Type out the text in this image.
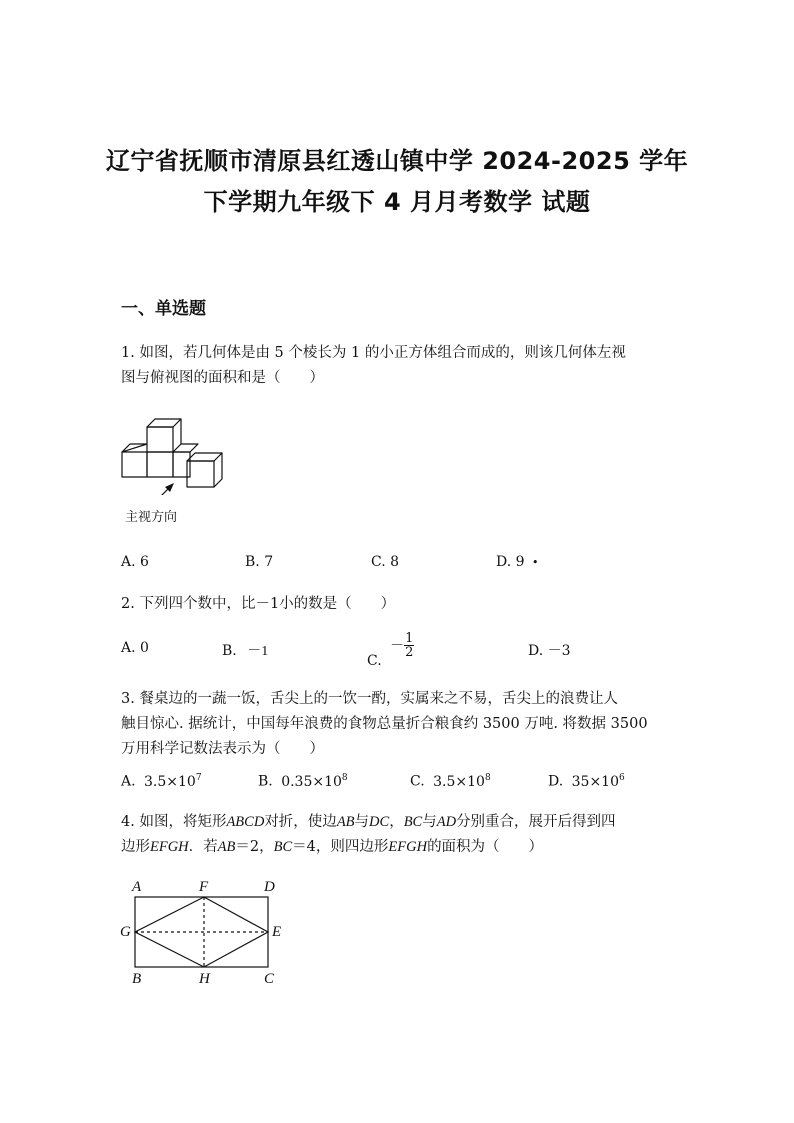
辽宁省抚顺市清原县红透山镇中学 2024-2025 学年
下学期九年级下 4 月月考数学 试题
一、单选题
1. 如图，若几何体是由 5 个棱长为 1 的小正方体组合而成的，则该几何体左视
图与俯视图的面积和是（　　）
主视方向
A. 6	B. 7	C. 8	D. 9 •
2. 下列四个数中，比－1小的数是（　　）
A. 0	B. －1
C. － $\frac{1}{2}$	D. －3
3. 餐桌边的一蔬一饭，舌尖上的一饮一酌，实属来之不易，舌尖上的浪费让人
触目惊心. 据统计，中国每年浪费的食物总量折合粮食约 3500 万吨. 将数据 3500
万用科学记数法表示为（　　）
A. $3.5\times 10^7$	B. $0.35\times 10^8$	C. $3.5\times 10^8$	D. $35\times 10^6$
4. 如图，将矩形ABCD对折，使边AB与DC，BC与AD分别重合，展开后得到四
边形EFGH．若AB＝2，BC＝4，则四边形EFGH的面积为（　　）
A	F	D
G	E
B	H	C
